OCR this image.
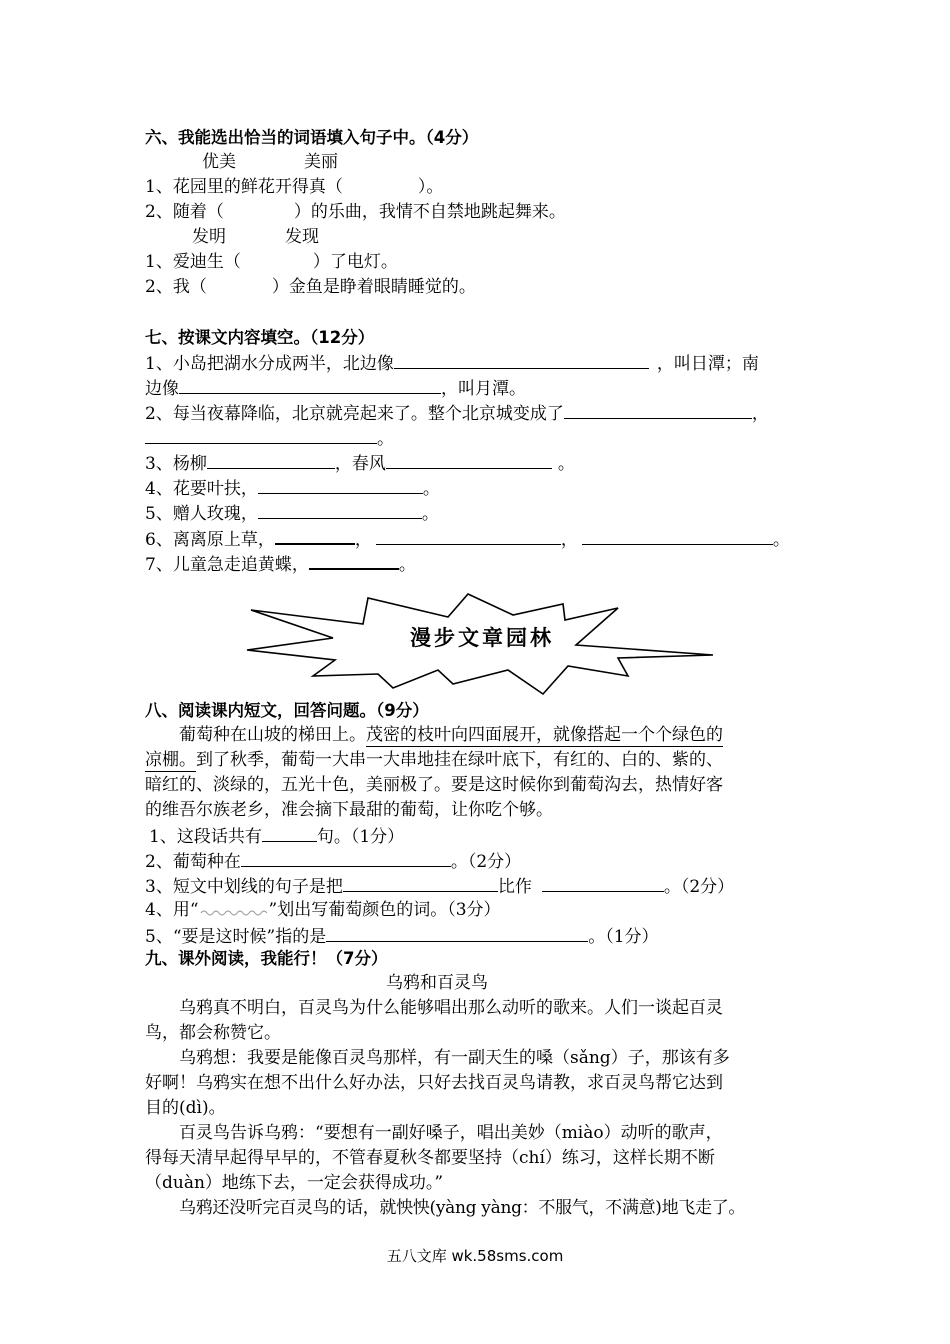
六、我能选出恰当的词语填入句子中。（4分）
优美	美丽
1、花园里的鲜花开得真（	）。
2、随着（	）的乐曲，我情不自禁地跳起舞来。
发明	发现
1、爱迪生（	）了电灯。
2、我（	）金鱼是睁着眼睛睡觉的。
七、按课文内容填空。（12分）
1、小岛把湖水分成两半，北边像	，叫日潭；南
边像	，叫月潭。
2、每当夜幕降临，北京就亮起来了。整个北京城变成了	，
。
3、杨柳	，春风	。
4、花要叶扶，	。
5、赠人玫瑰，	。
6、离离原上草，	，	，	。
7、儿童急走追黄蝶，	。
漫步文章园林
八、阅读课内短文，回答问题。（9分）
葡萄种在山坡的梯田上。茂密的枝叶向四面展开，就像搭起一个个绿色的
凉棚。到了秋季，葡萄一大串一大串地挂在绿叶底下，有红的、白的、紫的、
暗红的、淡绿的，五光十色，美丽极了。要是这时候你到葡萄沟去，热情好客
的维吾尔族老乡，准会摘下最甜的葡萄，让你吃个够。
1、这段话共有	句。（1分）
2、葡萄种在	。（2分）
3、短文中划线的句子是把	比作	。（2分）
4、用“	”划出写葡萄颜色的词。（3分）
5、“要是这时候”指的是	。（1分）
九、课外阅读，我能行！（7分）
乌鸦和百灵鸟
乌鸦真不明白，百灵鸟为什么能够唱出那么动听的歌来。人们一谈起百灵
鸟，都会称赞它。
乌鸦想：我要是能像百灵鸟那样，有一副天生的嗓（sǎng）子，那该有多
好啊！乌鸦实在想不出什么好办法，只好去找百灵鸟请教，求百灵鸟帮它达到
目的(dì)。
百灵鸟告诉乌鸦：“要想有一副好嗓子，唱出美妙（miào）动听的歌声，
得每天清早起得早早的，不管春夏秋冬都要坚持（chí）练习，这样长期不断
（duàn）地练下去，一定会获得成功。”
乌鸦还没听完百灵鸟的话，就怏怏(yàng yàng：不服气，不满意)地飞走了。
五八文库 wk.58sms.com
